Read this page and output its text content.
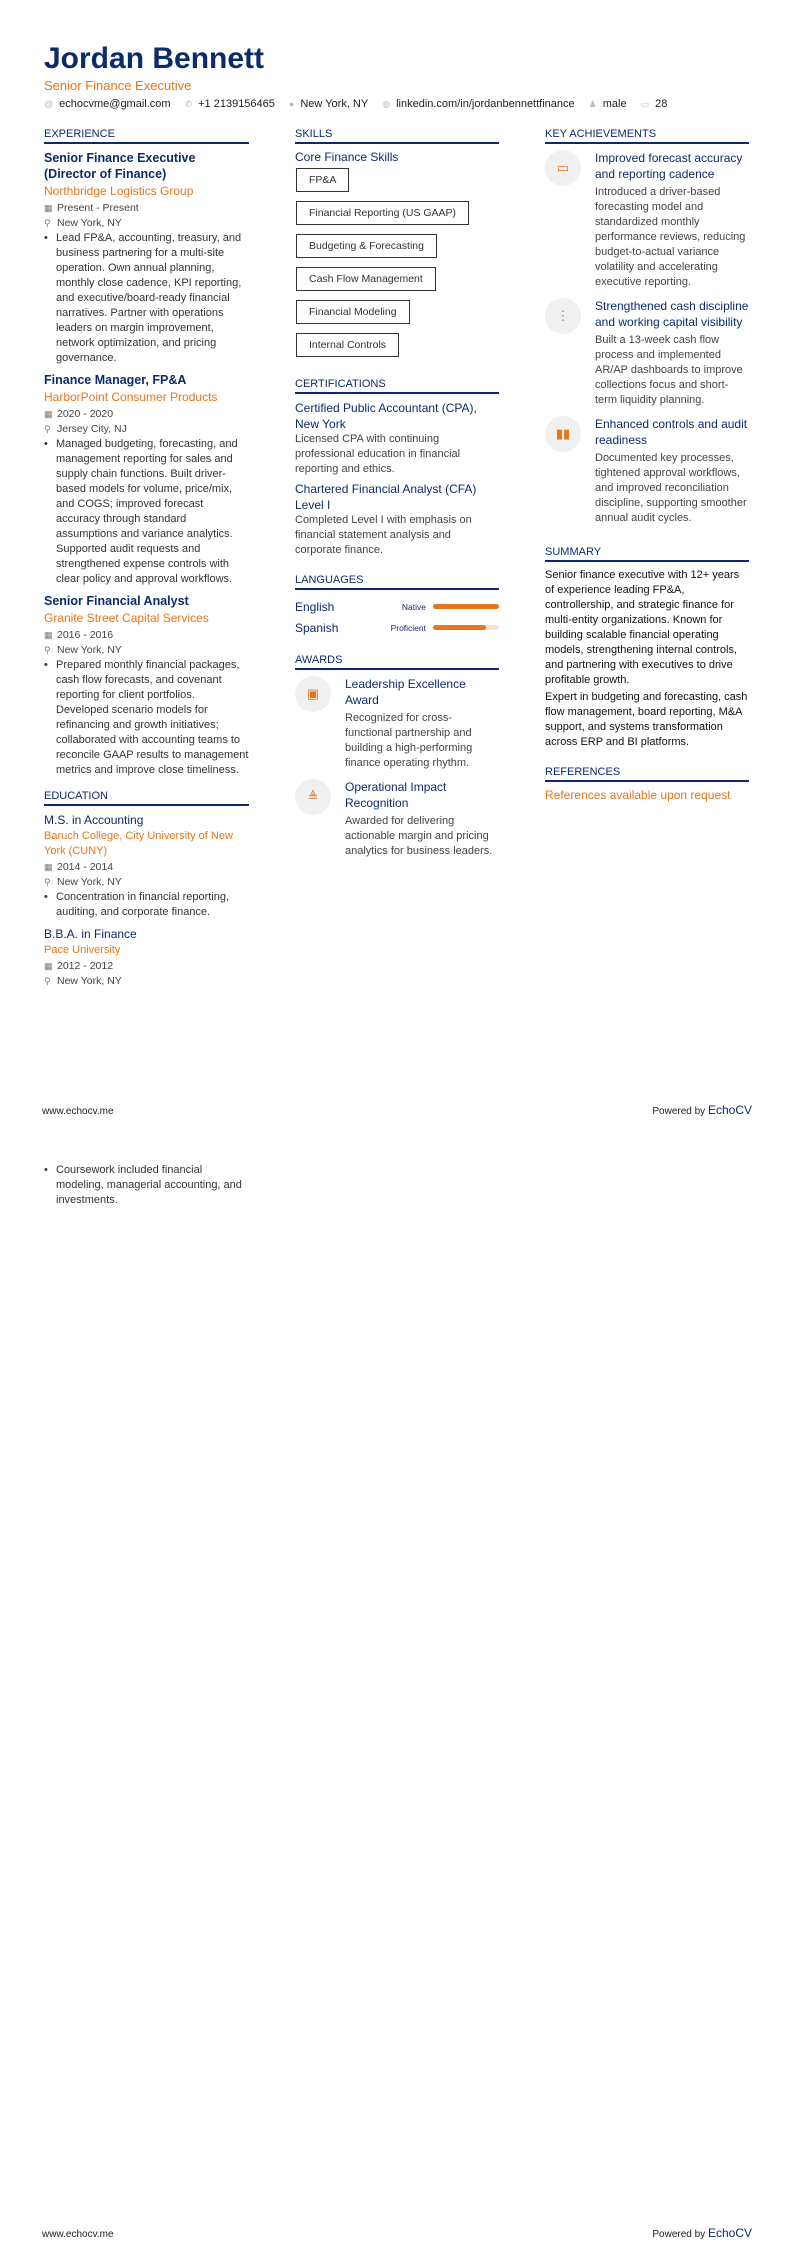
Jordan Bennett
Senior Finance Executive
@ echocvme@gmail.com ✆ +1 2139156465 ● New York, NY ◍ linkedin.com/in/jordanbennettfinance ♟ male ▭ 28
EXPERIENCE
Senior Finance Executive (Director of Finance)
Northbridge Logistics Group
▦ Present - Present
⚲ New York, NY
• Lead FP&A, accounting, treasury, and business partnering for a multi-site operation. Own annual planning, monthly close cadence, KPI reporting, and executive/board-ready financial narratives. Partner with operations leaders on margin improvement, network optimization, and pricing governance.
Finance Manager, FP&A
HarborPoint Consumer Products
▦ 2020 - 2020
⚲ Jersey City, NJ
• Managed budgeting, forecasting, and management reporting for sales and supply chain functions. Built driver-based models for volume, price/mix, and COGS; improved forecast accuracy through standard assumptions and variance analytics. Supported audit requests and strengthened expense controls with clear policy and approval workflows.
Senior Financial Analyst
Granite Street Capital Services
▦ 2016 - 2016
⚲ New York, NY
• Prepared monthly financial packages, cash flow forecasts, and covenant reporting for client portfolios. Developed scenario models for refinancing and growth initiatives; collaborated with accounting teams to reconcile GAAP results to management metrics and improve close timeliness.
EDUCATION
M.S. in Accounting
Baruch College, City University of New York (CUNY)
▦ 2014 - 2014
⚲ New York, NY
• Concentration in financial reporting, auditing, and corporate finance.
B.B.A. in Finance
Pace University
▦ 2012 - 2012
⚲ New York, NY
SKILLS
Core Finance Skills
FP&A
Financial Reporting (US GAAP)
Budgeting & Forecasting
Cash Flow Management
Financial Modeling
Internal Controls
CERTIFICATIONS
Certified Public Accountant (CPA), New York
Licensed CPA with continuing professional education in financial reporting and ethics.
Chartered Financial Analyst (CFA) Level I
Completed Level I with emphasis on financial statement analysis and corporate finance.
LANGUAGES
English	Native
Spanish	Proficient
AWARDS
▣
Leadership Excellence Award
Recognized for cross-functional partnership and building a high-performing finance operating rhythm.
≜
Operational Impact Recognition
Awarded for delivering actionable margin and pricing analytics for business leaders.
KEY ACHIEVEMENTS
▭
Improved forecast accuracy and reporting cadence
Introduced a driver-based forecasting model and standardized monthly performance reviews, reducing budget-to-actual variance volatility and accelerating executive reporting.
⋮
Strengthened cash discipline and working capital visibility
Built a 13-week cash flow process and implemented AR/AP dashboards to improve collections focus and short-term liquidity planning.
▮▮
Enhanced controls and audit readiness
Documented key processes, tightened approval workflows, and improved reconciliation discipline, supporting smoother annual audit cycles.
SUMMARY
Senior finance executive with 12+ years of experience leading FP&A, controllership, and strategic finance for multi-entity organizations. Known for building scalable financial operating models, strengthening internal controls, and partnering with executives to drive profitable growth.
Expert in budgeting and forecasting, cash flow management, board reporting, M&A support, and systems transformation across ERP and BI platforms.
REFERENCES
References available upon request
www.echocv.me	Powered by EchoCV
• Coursework included financial modeling, managerial accounting, and investments.
www.echocv.me	Powered by EchoCV
